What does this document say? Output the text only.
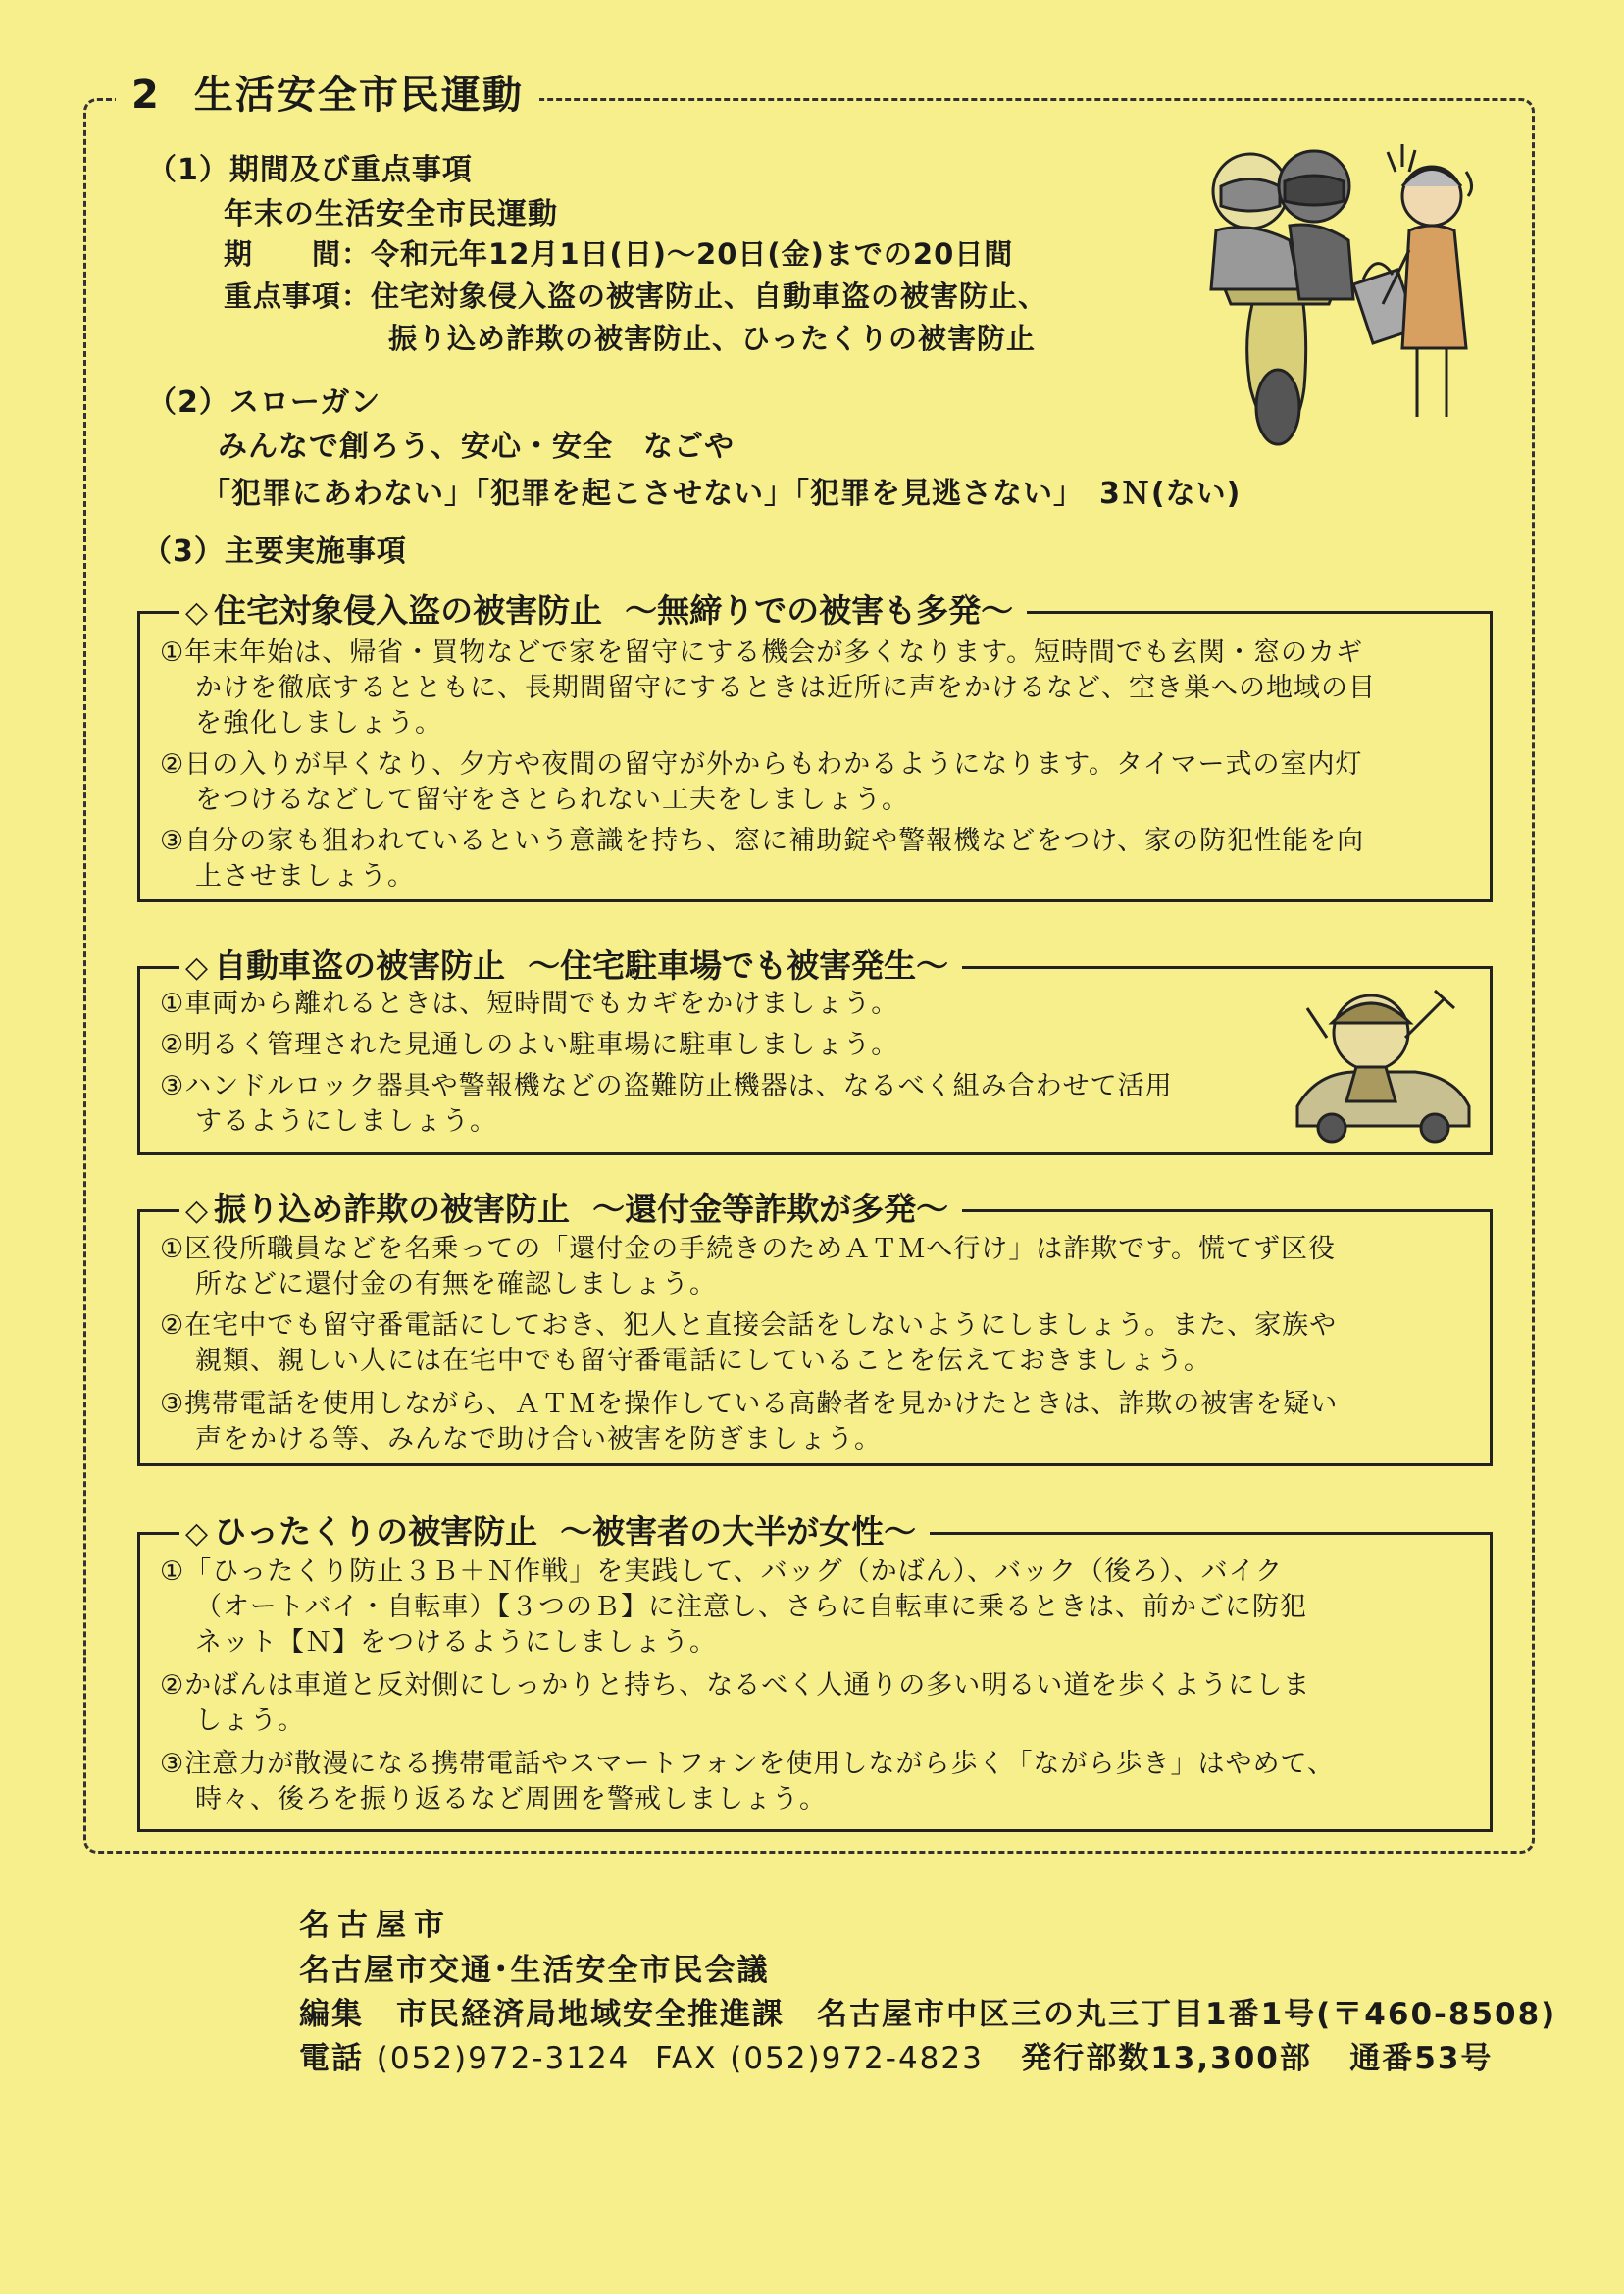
2 生活安全市民運動
（1）期間及び重点事項
年末の生活安全市民運動
期　　間：令和元年12月1日(日)～20日(金)までの20日間
重点事項：住宅対象侵入盗の被害防止、自動車盗の被害防止、
振り込め詐欺の被害防止、ひったくりの被害防止
（2）スローガン
みんなで創ろう、安心・安全　なごや
「犯罪にあわない」「犯罪を起こさせない」「犯罪を見逃さない」　3Ｎ(ない)
（3）主要実施事項
◇ 住宅対象侵入盗の被害防止 ～無締りでの被害も多発～
①年末年始は、帰省・買物などで家を留守にする機会が多くなります。短時間でも玄関・窓のカギ
かけを徹底するとともに、長期間留守にするときは近所に声をかけるなど、空き巣への地域の目
を強化しましょう。
②日の入りが早くなり、夕方や夜間の留守が外からもわかるようになります。タイマー式の室内灯
をつけるなどして留守をさとられない工夫をしましょう。
③自分の家も狙われているという意識を持ち、窓に補助錠や警報機などをつけ、家の防犯性能を向
上させましょう。
◇ 自動車盗の被害防止 ～住宅駐車場でも被害発生～
①車両から離れるときは、短時間でもカギをかけましょう。
②明るく管理された見通しのよい駐車場に駐車しましょう。
③ハンドルロック器具や警報機などの盗難防止機器は、なるべく組み合わせて活用
するようにしましょう。
◇ 振り込め詐欺の被害防止 ～還付金等詐欺が多発～
①区役所職員などを名乗っての「還付金の手続きのためＡＴＭへ行け」は詐欺です。慌てず区役
所などに還付金の有無を確認しましょう。
②在宅中でも留守番電話にしておき、犯人と直接会話をしないようにしましょう。また、家族や
親類、親しい人には在宅中でも留守番電話にしていることを伝えておきましょう。
③携帯電話を使用しながら、ＡＴＭを操作している高齢者を見かけたときは、詐欺の被害を疑い
声をかける等、みんなで助け合い被害を防ぎましょう。
◇ ひったくりの被害防止 ～被害者の大半が女性～
①「ひったくり防止３Ｂ＋Ｎ作戦」を実践して、バッグ（かばん）、バック（後ろ）、バイク
（オートバイ・自転車）【３つのＢ】に注意し、さらに自転車に乗るときは、前かごに防犯
ネット【Ｎ】をつけるようにしましょう。
②かばんは車道と反対側にしっかりと持ち、なるべく人通りの多い明るい道を歩くようにしま
しょう。
③注意力が散漫になる携帯電話やスマートフォンを使用しながら歩く「ながら歩き」はやめて、
時々、後ろを振り返るなど周囲を警戒しましょう。
名古屋市
名古屋市交通･生活安全市民会議
編集　市民経済局地域安全推進課　名古屋市中区三の丸三丁目1番1号(〒460-8508)
電話 (052)972-3124 FAX (052)972-4823 発行部数13,300部 通番53号
